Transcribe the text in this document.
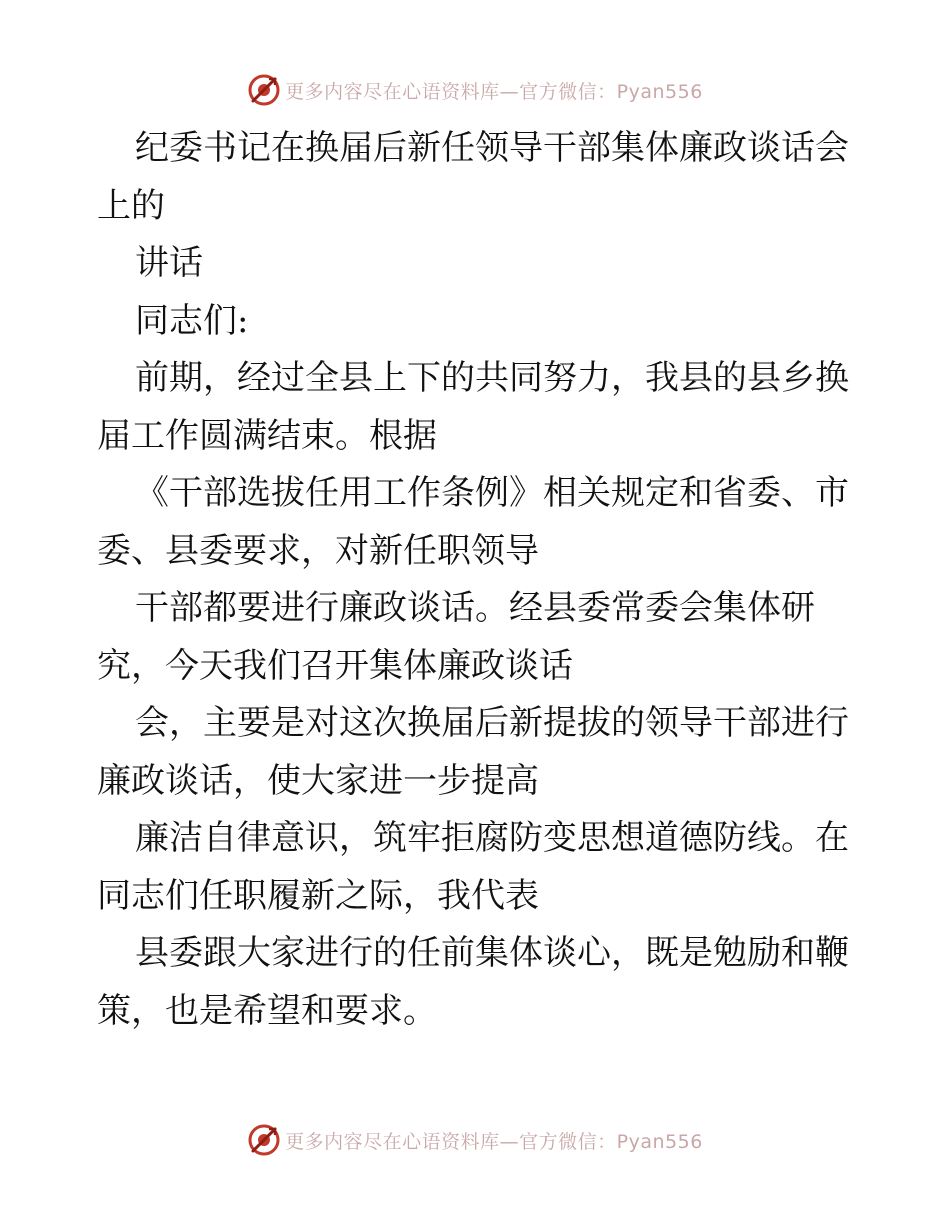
更多内容尽在心语资料库—官方微信：Pyan556
纪委书记在换届后新任领导干部集体廉政谈话会
上的
讲话
同志们:
前期，经过全县上下的共同努力，我县的县乡换
届工作圆满结束。根据
《干部选拔任用工作条例》相关规定和省委、市
委、县委要求，对新任职领导
干部都要进行廉政谈话。经县委常委会集体研
究，今天我们召开集体廉政谈话
会，主要是对这次换届后新提拔的领导干部进行
廉政谈话，使大家进一步提高
廉洁自律意识，筑牢拒腐防变思想道德防线。在
同志们任职履新之际，我代表
县委跟大家进行的任前集体谈心，既是勉励和鞭
策，也是希望和要求。
更多内容尽在心语资料库—官方微信：Pyan556
